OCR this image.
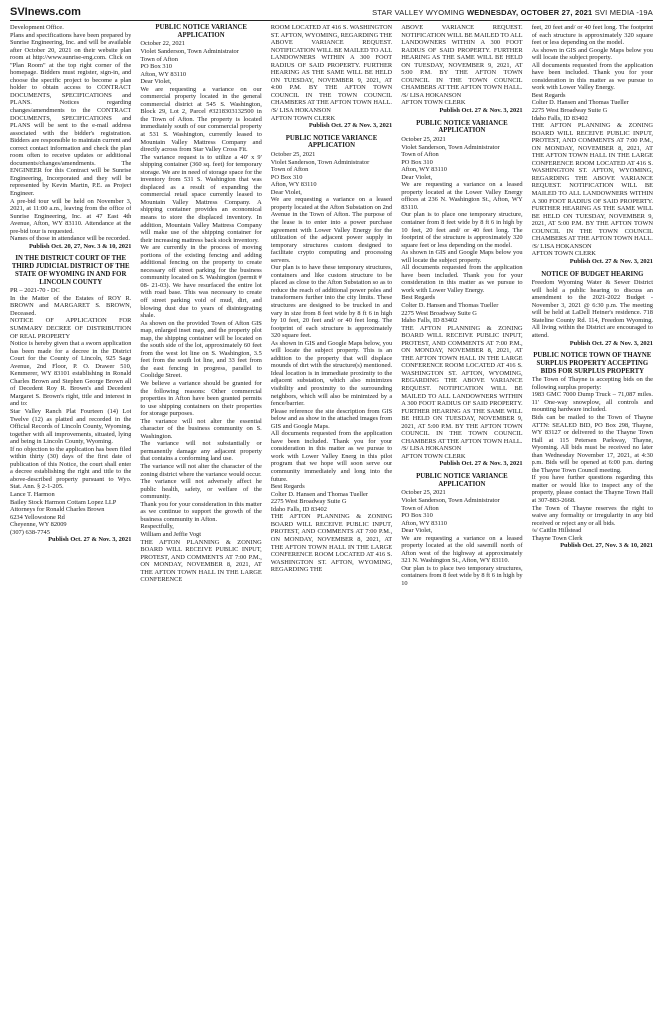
SVInews.com	STAR VALLEY WYOMING WEDNESDAY, OCTOBER 27, 2021 SVI MEDIA -19A

Development Office.

Plans and specifications have been prepared by Sunrise Engineering, Inc. and will be available after October 20, 2021 on their website plan room at http://www.sunrise-eng.com. Click on "Plan Room" at the top right corner of the homepage. Bidders must register, sign-in, and choose the specific project to become a plan holder to obtain access to CONTRACT DOCUMENTS, SPECIFICATIONS and PLANS. Notices regarding changes/amendments to the CONTRACT DOCUMENTS, SPECIFICATIONS and PLANS will be sent to the e-mail address associated with the bidder's registration. Bidders are responsible to maintain current and correct contact information and check the plan room often to receive updates or additional documents/changes/amendments. The ENGINEER for this Contract will be Sunrise Engineering, Incorporated and they will be represented by Kevin Martin, P.E. as Project Engineer.

A pre-bid tour will be held on November 3, 2021, at 11:00 a.m., leaving from the office of Sunrise Engineering, Inc. at 47 East 4th Avenue, Afton, WY 83110. Attendance at the pre-bid tour is requested.

Names of those in attendance will be recorded.

Publish Oct. 20, 27, Nov. 3 & 10, 2021

IN THE DISTRICT COURT OF THE THIRD JUDICIAL DISTRICT OF THE STATE OF WYOMING IN AND FOR LINCOLN COUNTY

PR – 2021-70 - DC

In the Matter of the Estates of ROY R. BROWN and MARGARET S. BROWN, Deceased.

NOTICE OF APPLICATION FOR SUMMARY DECREE OF DISTRIBUTION OF REAL PROPERTY

Notice is hereby given that a sworn application has been made for a decree in the District Court for the County of Lincoln, 925 Sage Avenue, 2nd Floor, P. O. Drawer 510, Kemmerer, WY 83101 establishing in Ronald Charles Brown and Stephen George Brown all of Decedent Roy R. Brown's and Decedent Margaret S. Brown's right, title and interest in and to:

Star Valley Ranch Plat Fourteen (14) Lot Twelve (12) as platted and recorded in the Official Records of Lincoln County, Wyoming, together with all improvements, situated, lying and being in Lincoln County, Wyoming.

If no objection to the application has been filed within thirty (30) days of the first date of publication of this Notice, the court shall enter a decree establishing the right and title to the above-described property pursuant to Wyo. Stat. Ann. § 2-1-205.

Lance T. Harmon

Bailey Stock Harmon Cottam Lopez LLP

Attorneys for Ronald Charles Brown

6234 Yellowstone Rd

Cheyenne, WY 82009

(307) 638-7745

Publish Oct. 27 & Nov. 3, 2021

PUBLIC NOTICE VARIANCE APPLICATION

October 22, 2021

Violet Sanderson, Town Administrator

Town of Afton

PO Box 310

Afton, WY 83110

Dear Violet,

We are requesting a variance on our commercial property located in the general commercial district at 545 S. Washington, Block 29, Lot 2, Parcel #3218303132500 in the Town of Afton. The property is located immediately south of our commercial property at 531 S. Washington, currently leased to Mountain Valley Mattress Company and directly across from Star Valley Cross Fit.

The variance request is to utilize a 40' x 9' shipping container (360 sq. feet) for temporary storage. We are in need of storage space for the inventory from 531 S. Washington that was displaced as a result of expanding the commercial retail space currently leased to Mountain Valley Mattress Company. A shipping container provides an economical means to store the displaced inventory. In addition, Mountain Valley Mattress Company will make use of the shipping container for their increasing mattress back stock inventory.

We are currently in the process of moving portions of the existing fencing and adding additional fencing on the property to create necessary off street parking for the business community located on S. Washington (permit # 08- 21-03). We have resurfaced the entire lot with road base. This was necessary to create off street parking void of mud, dirt, and blowing dust due to years of disintegrating shale.

As shown on the provided Town of Afton GIS map, enlarged inset map, and the property plot map, the shipping container will be located on the south side of the lot, approximately 60 feet from the west lot line on S. Washington, 3.5 feet from the south lot line, and 33 feet from the east fencing in progress, parallel to Coolidge Street.

We believe a variance should be granted for the following reasons: Other commercial properties in Afton have been granted permits to use shipping containers on their properties for storage purposes.

The variance will not alter the essential character of the business community on S. Washington.

The variance will not substantially or permanently damage any adjacent property that contains a conforming land use.

The variance will not alter the character of the zoning district where the variance would occur.

The variance will not adversely affect he public health, safety, or welfare of the community.

Thank you for your consideration in this matter as we continue to support the growth of the business community in Afton.

Respectfully,

William and Jeffie Vogt

THE AFTON PLANNING & ZONING BOARD WILL RECEIVE PUBLIC INPUT, PROTEST, AND COMMENTS AT 7:00 P.M., ON MONDAY, NOVEMBER 8, 2021, AT THE AFTON TOWN HALL IN THE LARGE CONFERENCE

ROOM LOCATED AT 416 S. WASHINGTON ST. AFTON, WYOMING, REGARDING THE ABOVE VARIANCE REQUEST. NOTIFICATION WILL BE MAILED TO ALL LANDOWNERS WITHIN A 300 FOOT RADIUS OF SAID PROPERTY. FURTHER HEARING AS THE SAME WILL BE HELD ON TUESDAY, NOVEMBER 9, 2021, AT 4:00 P.M. BY THE AFTON TOWN COUNCIL IN THE TOWN COUNCIL CHAMBERS AT THE AFTON TOWN HALL.

/S/ LISA HOKANSON

AFTON TOWN CLERK

Publish Oct. 27 & Nov. 3, 2021

PUBLIC NOTICE VARIANCE APPLICATION

October 25, 2021

Violet Sanderson, Town Administrator

Town of Afton

PO Box 310

Afton, WY 83110

Dear Violet,

We are requesting a variance on a leased property located at the Afton Substation on 2nd Avenue in the Town of Afton. The purpose of the lease is to enter into a power purchase agreement with Lower Valley Energy for the utilization of the adjacent power supply in temporary structures custom designed to facilitate crypto computing and processing servers.

Our plan is to have these temporary structures, containers and like custom structure to be placed as close to the Afton Substation so as to reduce the reach of additional power poles and transformers further into the city limits. These structures are designed to be trucked in and vary in size from 8 feet wide by 8 ft 6 in high by 10 feet, 20 feet and/ or 40 feet long. The footprint of each structure is approximately 320 square feet.

As shown in GIS and Google Maps below, you will locate the subject property. This is an addition to the property that will displace mounds of dirt with the structure(s) mentioned. Ideal location is in immediate proximity to the adjacent substation, which also minimizes visibility and proximity to the surrounding neighbors, which will also be minimized by a fence/barrier.

Please reference the site description from GIS below and as show in the attached images from GIS and Google Maps.

All documents requested from the application have been included. Thank you for your consideration in this matter as we pursue to work with Lower Valley Energ in this pilot program that we hope will soon serve our community immediately and long into the future.

Best Regards

Colter D. Hansen and Thomas Tueller

2275 West Broadway Suite G

Idaho Falls, ID 83402

THE AFTON PLANNING & ZONING BOARD WILL RECEIVE PUBLIC INPUT, PROTEST, AND COMMENTS AT 7:00 P.M., ON MONDAY, NOVEMBER 8, 2021, AT THE AFTON TOWN HALL IN THE LARGE CONFERENCE ROOM LOCATED AT 416 S. WASHINGTON ST. AFTON, WYOMING, REGARDING THE

ABOVE VARIANCE REQUEST. NOTIFICATION WILL BE MAILED TO ALL LANDOWNERS WITHIN A 300 FOOT RADIUS OF SAID PROPERTY. FURTHER HEARING AS THE SAME WILL BE HELD ON TUESDAY, NOVEMBER 9, 2021, AT 5:00 P.M. BY THE AFTON TOWN COUNCIL IN THE TOWN COUNCIL CHAMBERS AT THE AFTON TOWN HALL.

/S/ LISA HOKANSON

AFTON TOWN CLERK

Publish Oct. 27 & Nov. 3, 2021

PUBLIC NOTICE VARIANCE APPLICATION

October 25, 2021

Violet Sanderson, Town Administrator

Town of Afton

PO Box 310

Afton, WY 83110

Dear Violet,

We are requesting a variance on a leased property located at the Lower Valley Energy offices at 236 N. Washington St., Afton, WY 83110.

Our plan is to place one temporary structure, container from 8 feet wide by 8 ft 6 in high by 10 feet, 20 feet and/ or 40 feet long. The footprint of the structure is approximately 320 square feet or less depending on the model.

As shown in GIS and Google Maps below you will locate the subject property.

All documents requested from the application have been included. Thank you for your consideration in this matter as we pursue to work with Lower Valley Energy.

Best Regards

Colter D. Hansen and Thomas Tueller

2275 West Broadway Suite G

Idaho Falls, ID 83402

THE AFTON PLANNING & ZONING BOARD WILL RECEIVE PUBLIC INPUT, PROTEST, AND COMMENTS AT 7:00 P.M., ON MONDAY, NOVEMBER 8, 2021, AT THE AFTON TOWN HALL IN THE LARGE CONFERENCE ROOM LOCATED AT 416 S. WASHINGTON ST. AFTON, WYOMING, REGARDING THE ABOVE VARIANCE REQUEST. NOTIFICATION WILL BE MAILED TO ALL LANDOWNERS WITHIN A 300 FOOT RADIUS OF SAID PROPERTY. FURTHER HEARING AS THE SAME WILL BE HELD ON TUESDAY, NOVEMBER 9, 2021, AT 5:00 P.M. BY THE AFTON TOWN COUNCIL IN THE TOWN COUNCIL CHAMBERS AT THE AFTON TOWN HALL.

/S/ LISA HOKANSON

AFTON TOWN CLERK

Publish Oct. 27 & Nov. 3, 2021

PUBLIC NOTICE VARIANCE APPLICATION

October 25, 2021

Violet Sanderson, Town Administrator

Town of Afton

PO Box 310

Afton, WY 83110

Dear Violet,

We are requesting a variance on a leased property located at the old sawmill north of Afton west of the highway at approximately 321 N. Washington St., Afton, WY 83110.

Our plan is to place two temporary structures, containers from 8 feet wide by 8 ft 6 in high by 10

feet, 20 feet and/ or 40 feet long. The footprint of each structure is approximately 320 square feet or less depending on the model.

As shown in GIS and Google Maps below you will locate the subject property.

All documents requested from the application have been included. Thank you for your consideration in this matter as we pursue to work with Lower Valley Energy.

Best Regards

Colter D. Hansen and Thomas Tueller

2275 West Broadway Suite G

Idaho Falls, ID 83402

THE AFTON PLANNING & ZONING BOARD WILL RECEIVE PUBLIC INPUT, PROTEST, AND COMMENTS AT 7:00 P.M., ON MONDAY, NOVEMBER 8, 2021, AT THE AFTON TOWN HALL IN THE LARGE CONFERENCE ROOM LOCATED AT 416 S. WASHINGTON ST. AFTON, WYOMING, REGARDING THE ABOVE VARIANCE REQUEST. NOTIFICATION WILL BE MAILED TO ALL LANDOWNERS WITHIN A 300 FOOT RADIUS OF SAID PROPERTY. FURTHER HEARING AS THE SAME WILL BE HELD ON TUESDAY, NOVEMBER 9, 2021, AT 5:00 P.M. BY THE AFTON TOWN COUNCIL IN THE TOWN COUNCIL CHAMBERS AT THE AFTON TOWN HALL.

/S/ LISA HOKANSON

AFTON TOWN CLERK

Publish Oct. 27 & Nov. 3, 2021

NOTICE OF BUDGET HEARING

Freedom Wyoming Water & Sewer District will hold a public hearing to discuss an amendment to the 2021-2022 Budget - November 3, 2021 @ 6:30 p.m. The meeting will be held at LaDell Heiner's residence. 718 Stateline County Rd. 114, Freedom Wyoming. All living within the District are encouraged to attend.

Publish Oct. 27 & Nov. 3, 2021

PUBLIC NOTICE TOWN OF THAYNE SURPLUS PROPERTY ACCEPTING BIDS FOR SURPLUS PROPERTY

The Town of Thayne is accepting bids on the following surplus property:

1983 GMC 7000 Dump Truck – 71,087 miles. 11' One-way snowplow, all controls and mounting hardware included.

Bids can be mailed to the Town of Thayne ATTN: SEALED BID, PO Box 298, Thayne, WY 83127 or delivered to the Thayne Town Hall at 115 Petersen Parkway, Thayne, Wyoming. All bids must be received no later than Wednesday November 17, 2021, at 4:30 p.m. Bids will be opened at 6:00 p.m. during the Thayne Town Council meeting.

If you have further questions regarding this matter or would like to inspect any of the property, please contact the Thayne Town Hall at 307-883-2668.

The Town of Thayne reserves the right to waive any formality or irregularity in any bid received or reject any or all bids.

/s/ Caitlin Hillstead

Thayne Town Clerk

Publish Oct. 27, Nov. 3 & 10, 2021
